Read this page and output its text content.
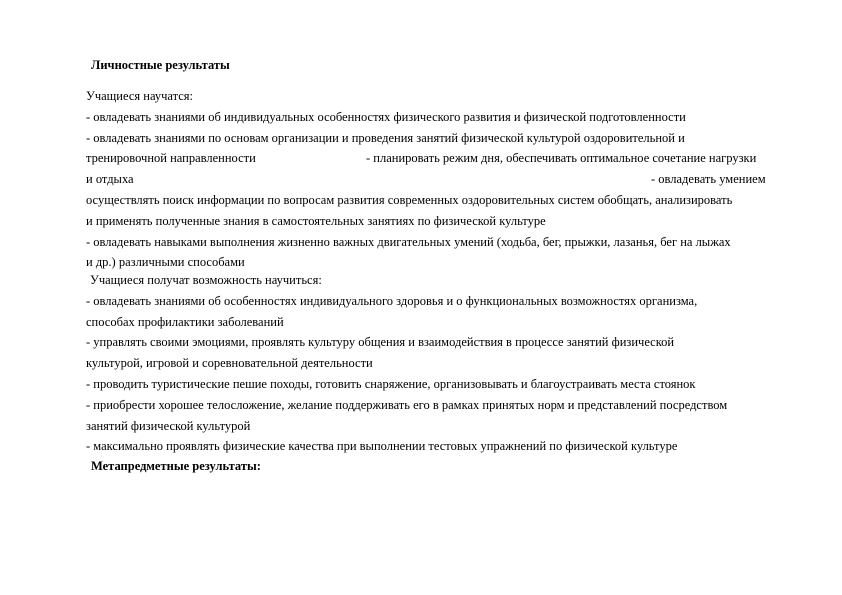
Личностные результаты
Учащиеся научатся:
- овладевать знаниями об индивидуальных особенностях физического развития и физической подготовленности
- овладевать знаниями по основам организации и проведения занятий физической культурой оздоровительной и
тренировочной направленности	- планировать режим дня, обеспечивать оптимальное сочетание нагрузки
и отдыха	- овладевать умением
осуществлять поиск информации по вопросам развития современных оздоровительных систем обобщать, анализировать
и применять полученные знания в самостоятельных занятиях по физической культуре
- овладевать навыками выполнения жизненно важных двигательных умений (ходьба, бег, прыжки, лазанья, бег на лыжах
и др.) различными способами
Учащиеся получат возможность научиться:
- овладевать знаниями об особенностях индивидуального здоровья и о функциональных возможностях организма,
способах профилактики заболеваний
- управлять своими эмоциями, проявлять культуру общения и взаимодействия в процессе занятий физической
культурой, игровой и соревновательной деятельности
- проводить туристические пешие походы, готовить снаряжение, организовывать и благоустраивать места стоянок
- приобрести хорошее телосложение, желание поддерживать его в рамках принятых норм и представлений посредством
занятий физической культурой
- максимально проявлять физические качества при выполнении тестовых упражнений по физической культуре
Метапредметные результаты:
